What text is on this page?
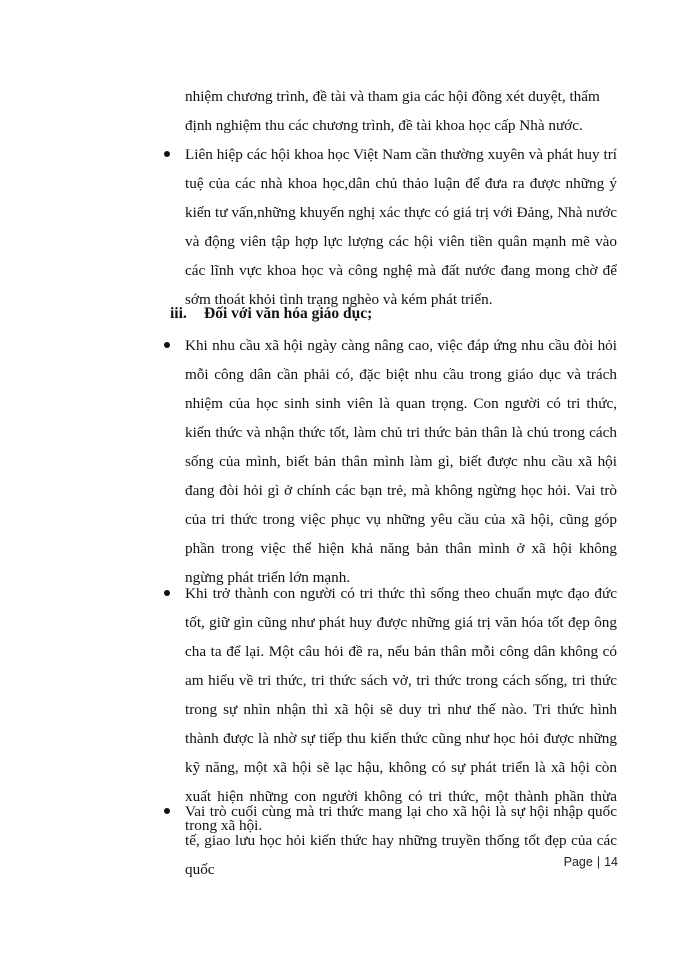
nhiệm chương trình, đề tài và tham gia các hội đồng xét duyệt, thẩm
định nghiệm thu các chương trình, đề tài khoa học cấp Nhà nước.
Liên hiệp các hội khoa học Việt Nam cần thường xuyên và phát huy trí tuệ của các nhà khoa học,dân chủ thảo luận để đưa ra được những ý kiến tư vấn,những khuyến nghị xác thực có giá trị với Đảng, Nhà nước và động viên tập hợp lực lượng các hội viên tiền quân mạnh mẽ vào các lĩnh vực khoa học và công nghệ mà đất nước đang mong chờ để sớm thoát khỏi tình trạng nghèo và kém phát triển.
iii. Đối với văn hóa giáo dục;
Khi nhu cầu xã hội ngày càng nâng cao, việc đáp ứng nhu cầu đòi hỏi mỗi công dân cần phải có, đặc biệt nhu cầu trong giáo dục và trách nhiệm của học sinh sinh viên là quan trọng. Con người có tri thức, kiến thức và nhận thức tốt, làm chủ tri thức bản thân là chủ trong cách sống của mình, biết bản thân mình làm gì, biết được nhu cầu xã hội đang đòi hỏi gì ở chính các bạn trẻ, mà không ngừng học hỏi. Vai trò của tri thức trong việc phục vụ những yêu cầu của xã hội, cũng góp phần trong việc thể hiện khả năng bản thân mình ở xã hội không ngừng phát triển lớn mạnh.
Khi trở thành con người có tri thức thì sống theo chuẩn mực đạo đức tốt, giữ gìn cũng như phát huy được những giá trị văn hóa tốt đẹp ông cha ta để lại. Một câu hỏi đề ra, nếu bản thân mỗi công dân không có am hiểu về tri thức, tri thức sách vở, tri thức trong cách sống, tri thức trong sự nhìn nhận thì xã hội sẽ duy trì như thế nào. Tri thức hình thành được là nhờ sự tiếp thu kiến thức cũng như học hỏi được những kỹ năng, một xã hội sẽ lạc hậu, không có sự phát triển là xã hội còn xuất hiện những con người không có tri thức, một thành phần thừa trong xã hội.
Vai trò cuối cùng mà tri thức mang lại cho xã hội là sự hội nhập quốc tế, giao lưu học hỏi kiến thức hay những truyền thống tốt đẹp của các quốc	Page | 14
